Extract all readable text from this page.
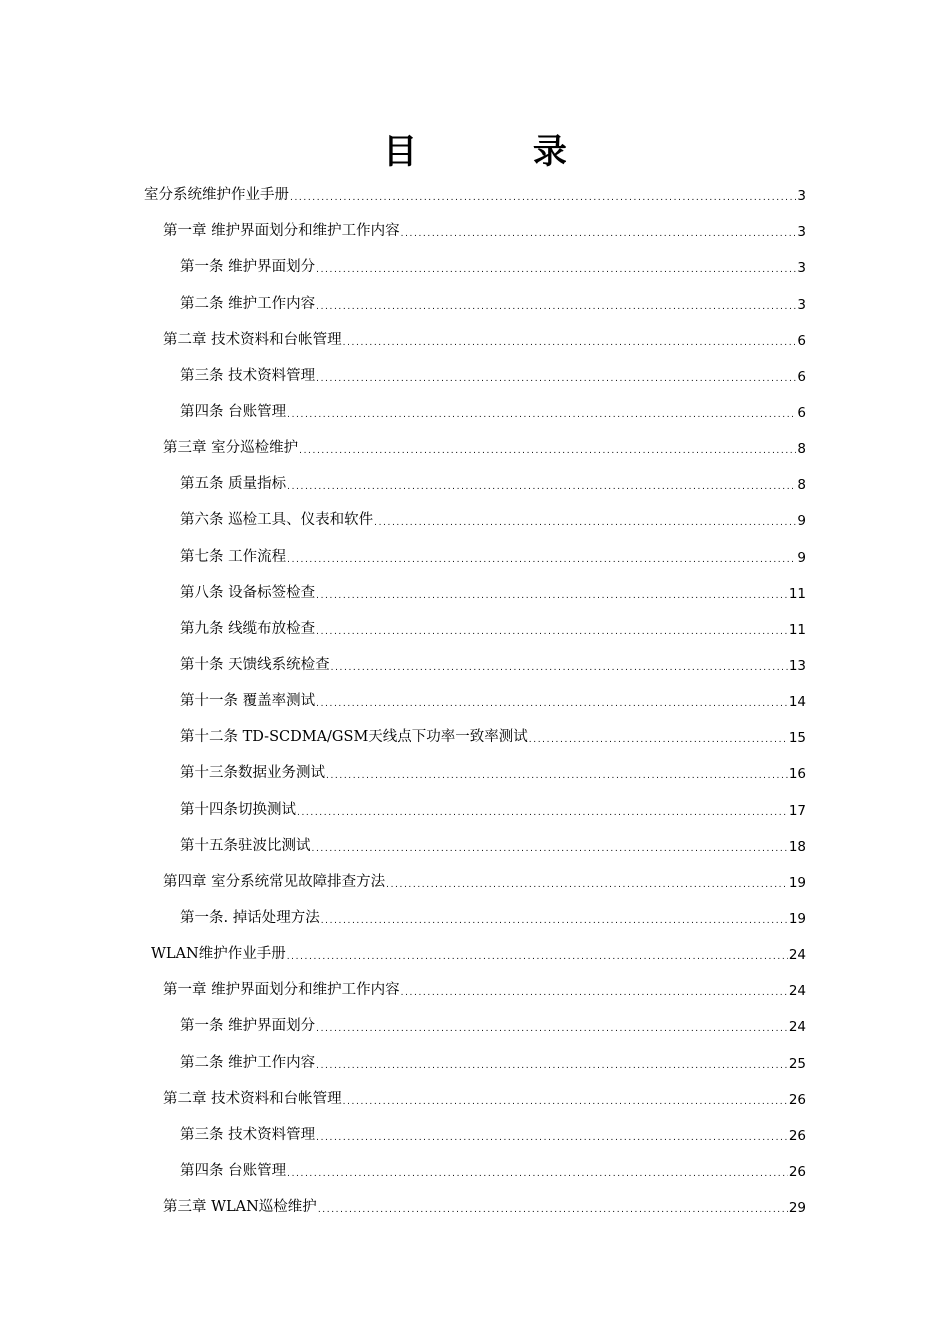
目 录
室分系统维护作业手册 .....	3
第一章 维护界面划分和维护工作内容 .....	3
第一条 维护界面划分 .....	3
第二条 维护工作内容 .....	3
第二章 技术资料和台帐管理 .....	6
第三条 技术资料管理 .....	6
第四条 台账管理 .....	6
第三章 室分巡检维护 .....	8
第五条 质量指标 .....	8
第六条 巡检工具、仪表和软件 .....	9
第七条 工作流程 .....	9
第八条 设备标签检查 .....	11
第九条 线缆布放检查 .....	11
第十条 天馈线系统检查 .....	13
第十一条 覆盖率测试 .....	14
第十二条 TD-SCDMA/GSM天线点下功率一致率测试 .....	15
第十三条数据业务测试 .....	16
第十四条切换测试 .....	17
第十五条驻波比测试 .....	18
第四章 室分系统常见故障排查方法 .....	19
第一条. 掉话处理方法 .....	19
WLAN维护作业手册 .....	24
第一章 维护界面划分和维护工作内容 .....	24
第一条 维护界面划分 .....	24
第二条 维护工作内容 .....	25
第二章 技术资料和台帐管理 .....	26
第三条 技术资料管理 .....	26
第四条 台账管理 .....	26
第三章 WLAN巡检维护 .....	29
